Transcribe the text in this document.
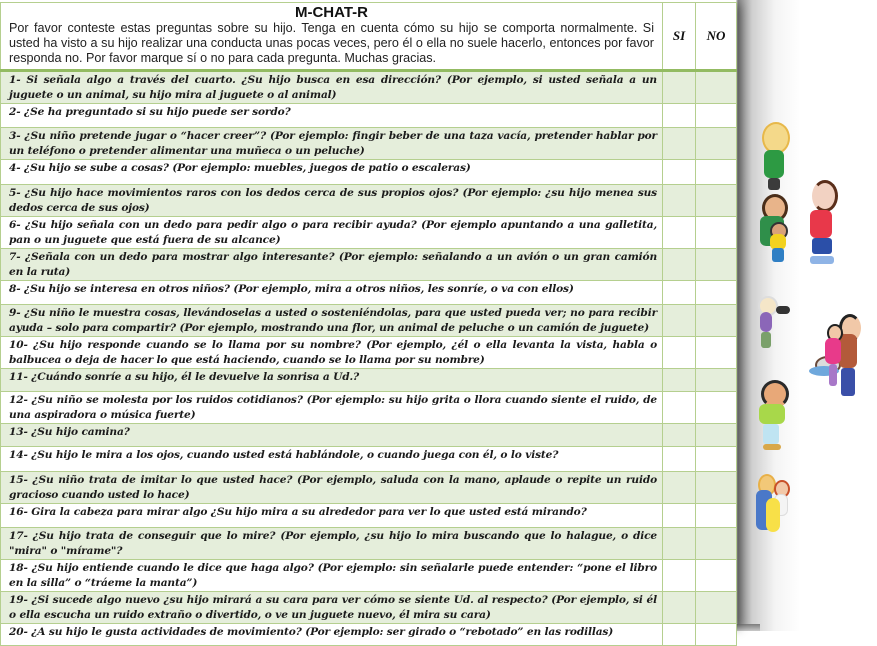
M-CHAT-R
Por favor conteste estas preguntas sobre su hijo. Tenga en cuenta cómo su hijo se comporta normalmente. Si usted ha visto a su hijo realizar una conducta unas pocas veces, pero él o ella no suele hacerlo, entonces por favor responda no. Por favor marque sí o no para cada pregunta. Muchas gracias.	SI	NO
1- Si señala algo a través del cuarto. ¿Su hijo busca en esa dirección? (Por ejemplo, si usted señala a un juguete o un animal, su hijo mira al juguete o al animal)		
2- ¿Se ha preguntado si su hijo puede ser sordo?		
3- ¿Su niño pretende jugar o “hacer creer”? (Por ejemplo: fingir beber de una taza vacía, pretender hablar por un teléfono o pretender alimentar una muñeca o un peluche)		
4- ¿Su hijo se sube a cosas? (Por ejemplo: muebles, juegos de patio o escaleras)		
5- ¿Su hijo hace movimientos raros con los dedos cerca de sus propios ojos? (Por ejemplo: ¿su hijo menea sus dedos cerca de sus ojos)		
6- ¿Su hijo señala con un dedo para pedir algo o para recibir ayuda? (Por ejemplo apuntando a una galletita, pan o un juguete que está fuera de su alcance)		
7- ¿Señala con un dedo para mostrar algo interesante? (Por ejemplo: señalando a un avión o un gran camión en la ruta)		
8- ¿Su hijo se interesa en otros niños? (Por ejemplo, mira a otros niños, les sonríe, o va con ellos)		
9- ¿Su niño le muestra cosas, llevándoselas a usted o sosteniéndolas, para que usted pueda ver; no para recibir ayuda – solo para compartir? (Por ejemplo, mostrando una flor, un animal de peluche o un camión de juguete)		
10- ¿Su hijo responde cuando se lo llama por su nombre? (Por ejemplo, ¿él o ella levanta la vista, habla o balbucea o deja de hacer lo que está haciendo, cuando se lo llama por su nombre)		
11- ¿Cuándo sonríe a su hijo, él le devuelve la sonrisa a Ud.?		
12- ¿Su niño se molesta por los ruidos cotidianos? (Por ejemplo: su hijo grita o llora cuando siente el ruido, de una aspiradora o música fuerte)		
13- ¿Su hijo camina?		
14- ¿Su hijo le mira a los ojos, cuando usted está hablándole, o cuando juega con él, o lo viste?		
15- ¿Su niño trata de imitar lo que usted hace? (Por ejemplo, saluda con la mano, aplaude o repite un ruido gracioso cuando usted lo hace)		
16- Gira la cabeza para mirar algo ¿Su hijo mira a su alrededor para ver lo que usted está mirando?		
17- ¿Su hijo trata de conseguir que lo mire? (Por ejemplo, ¿su hijo lo mira buscando que lo halague, o dice "mira" o "mírame"?		
18- ¿Su hijo entiende cuando le dice que haga algo? (Por ejemplo: sin señalarle puede entender: “pone el libro en la silla” o “tráeme la manta”)		
19- ¿Si sucede algo nuevo ¿su hijo mirará a su cara para ver cómo se siente Ud. al respecto? (Por ejemplo, si él o ella escucha un ruido extraño o divertido, o ve un juguete nuevo, él mira su cara)		
20- ¿A su hijo le gusta actividades de movimiento? (Por ejemplo: ser girado o “rebotado” en las rodillas)		
